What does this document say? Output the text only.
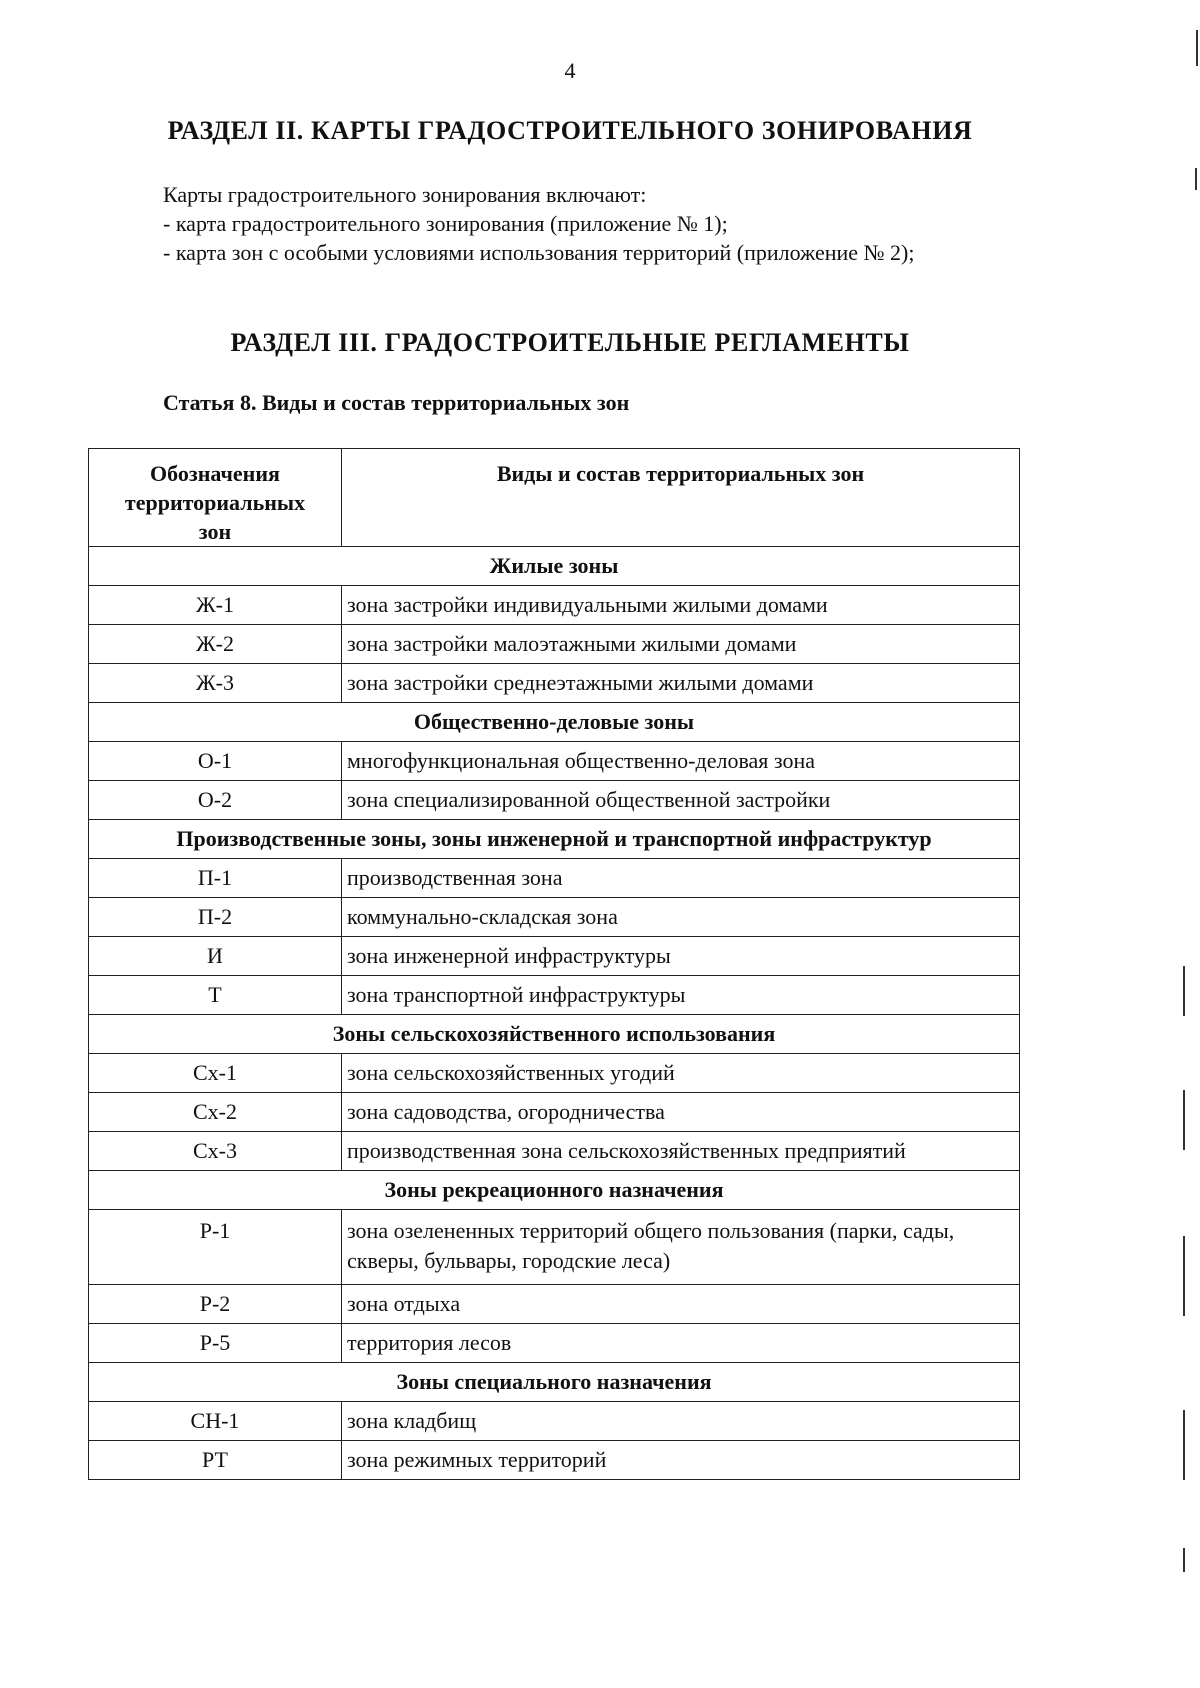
4
РАЗДЕЛ II. КАРТЫ ГРАДОСТРОИТЕЛЬНОГО ЗОНИРОВАНИЯ
Карты градостроительного зонирования включают:
- карта градостроительного зонирования (приложение № 1);
- карта зон с особыми условиями использования территорий (приложение № 2);
РАЗДЕЛ III. ГРАДОСТРОИТЕЛЬНЫЕ РЕГЛАМЕНТЫ
Статья 8. Виды и состав территориальных зон
Обозначения
территориальных
зон	Виды и состав территориальных зон
Жилые зоны	
Ж-1	зона застройки индивидуальными жилыми домами
Ж-2	зона застройки малоэтажными жилыми домами
Ж-3	зона застройки среднеэтажными жилыми домами
Общественно-деловые зоны	
О-1	многофункциональная общественно-деловая зона
О-2	зона специализированной общественной застройки
Производственные зоны, зоны инженерной и транспортной инфраструктур	
П-1	производственная зона
П-2	коммунально-складская зона
И	зона инженерной инфраструктуры
Т	зона транспортной инфраструктуры
Зоны сельскохозяйственного использования	
Сх-1	зона сельскохозяйственных угодий
Сх-2	зона садоводства, огородничества
Сх-3	производственная зона сельскохозяйственных предприятий
Зоны рекреационного назначения	
Р-1	зона озелененных территорий общего пользования (парки, сады, скверы, бульвары, городские леса)
Р-2	зона отдыха
Р-5	территория лесов
Зоны специального назначения	
СН-1	зона кладбищ
РТ	зона режимных территорий
